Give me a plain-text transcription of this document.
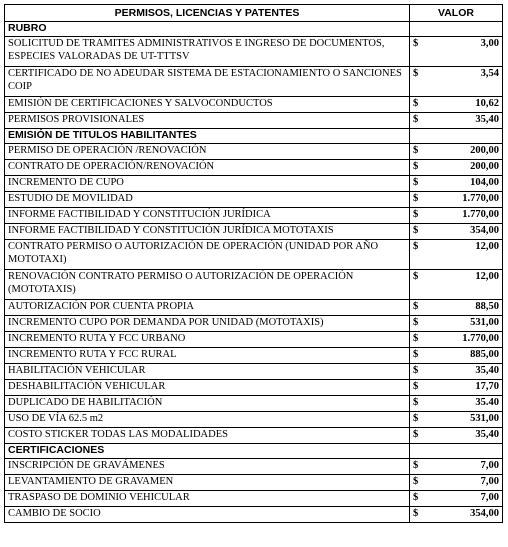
PERMISOS, LICENCIAS Y PATENTES	VALOR
RUBRO	
SOLICITUD DE TRAMITES ADMINISTRATIVOS E INGRESO DE DOCUMENTOS, ESPECIES VALORADAS DE UT-TTTSV	$ 3,00

CERTIFICADO DE NO ADEUDAR SISTEMA DE ESTACIONAMIENTO O SANCIONES COIP	$ 3,54

EMISIÓN DE CERTIFICACIONES Y SALVOCONDUCTOS	$ 10,62

PERMISOS PROVISIONALES	$ 35,40

EMISIÓN DE TITULOS HABILITANTES	
PERMISO DE OPERACIÓN /RENOVACIÓN	$ 200,00

CONTRATO DE OPERACIÓN/RENOVACIÓN	$ 200,00

INCREMENTO DE CUPO	$ 104,00

ESTUDIO DE MOVILIDAD	$ 1.770,00

INFORME FACTIBILIDAD Y CONSTITUCIÓN JURÍDICA	$ 1.770,00

INFORME FACTIBILIDAD Y CONSTITUCIÓN JURÍDICA MOTOTAXIS	$ 354,00

CONTRATO PERMISO O AUTORIZACIÓN DE OPERACIÓN (UNIDAD POR AÑO MOTOTAXI)	$ 12,00

RENOVACIÓN CONTRATO PERMISO O AUTORIZACIÓN DE OPERACIÓN (MOTOTAXIS)	$ 12,00

AUTORIZACIÓN POR CUENTA PROPIA	$ 88,50

INCREMENTO CUPO POR DEMANDA POR UNIDAD (MOTOTAXIS)	$ 531,00

INCREMENTO RUTA Y FCC URBANO	$ 1.770,00

INCREMENTO RUTA Y FCC RURAL	$ 885,00

HABILITACIÓN VEHICULAR	$ 35,40

DESHABILITACIÓN VEHICULAR	$ 17,70

DUPLICADO DE HABILITACIÓN	$ 35.40

USO DE VÍA 62.5 m2	$ 531,00

COSTO STICKER TODAS LAS MODALIDADES	$ 35,40

CERTIFICACIONES	
INSCRIPCIÓN DE GRAVÁMENES	$ 7,00

LEVANTAMIENTO DE GRAVAMEN	$ 7,00

TRASPASO DE DOMINIO VEHICULAR	$ 7,00

CAMBIO DE SOCIO	$ 354,00
